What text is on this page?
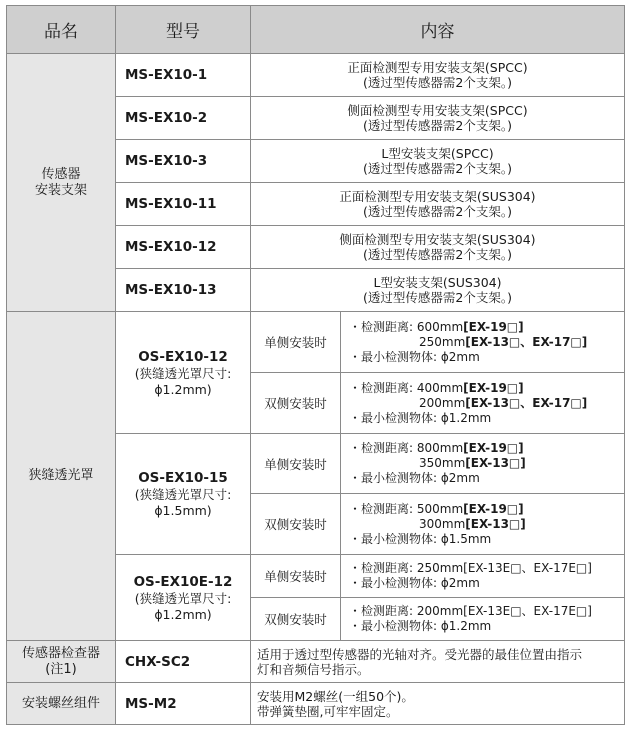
品名	型号	内容	

传感器
安装支架	MS-EX10-1	正面检测型专用安装支架(SPCC)
(透过型传感器需2个支架。)	

	MS-EX10-2	侧面检测型专用安装支架(SPCC)
(透过型传感器需2个支架。)	

	MS-EX10-3	L型安装支架(SPCC)
(透过型传感器需2个支架。)	

	MS-EX10-11	正面检测型专用安装支架(SUS304)
(透过型传感器需2个支架。)	

	MS-EX10-12	侧面检测型专用安装支架(SUS304)
(透过型传感器需2个支架。)	

	MS-EX10-13	L型安装支架(SUS304)
(透过型传感器需2个支架。)	

狭缝透光罩	OS-EX10-12
(狭缝透光罩尺寸:
ϕ1.2mm)	单侧安装时	・检测距离: 600mm[EX-19□]
250mm[EX-13□、EX-17□]
・最小检测物体: ϕ2mm

		双侧安装时	・检测距离: 400mm[EX-19□]
200mm[EX-13□、EX-17□]
・最小检测物体: ϕ1.2mm

	OS-EX10-15
(狭缝透光罩尺寸:
ϕ1.5mm)	单侧安装时	・检测距离: 800mm[EX-19□]
350mm[EX-13□]
・最小检测物体: ϕ2mm

		双侧安装时	・检测距离: 500mm[EX-19□]
300mm[EX-13□]
・最小检测物体: ϕ1.5mm

	OS-EX10E-12
(狭缝透光罩尺寸:
ϕ1.2mm)	单侧安装时	・检测距离: 250mm[EX-13E□、EX-17E□]
・最小检测物体: ϕ2mm

		双侧安装时	・检测距离: 200mm[EX-13E□、EX-17E□]
・最小检测物体: ϕ1.2mm

传感器检查器
(注1)	CHX-SC2	适用于透过型传感器的光轴对齐。受光器的最佳位置由指示
灯和音频信号指示。	

安装螺丝组件	MS-M2	安装用M2螺丝(一组50个)。
带弹簧垫圈,可牢牢固定。	
